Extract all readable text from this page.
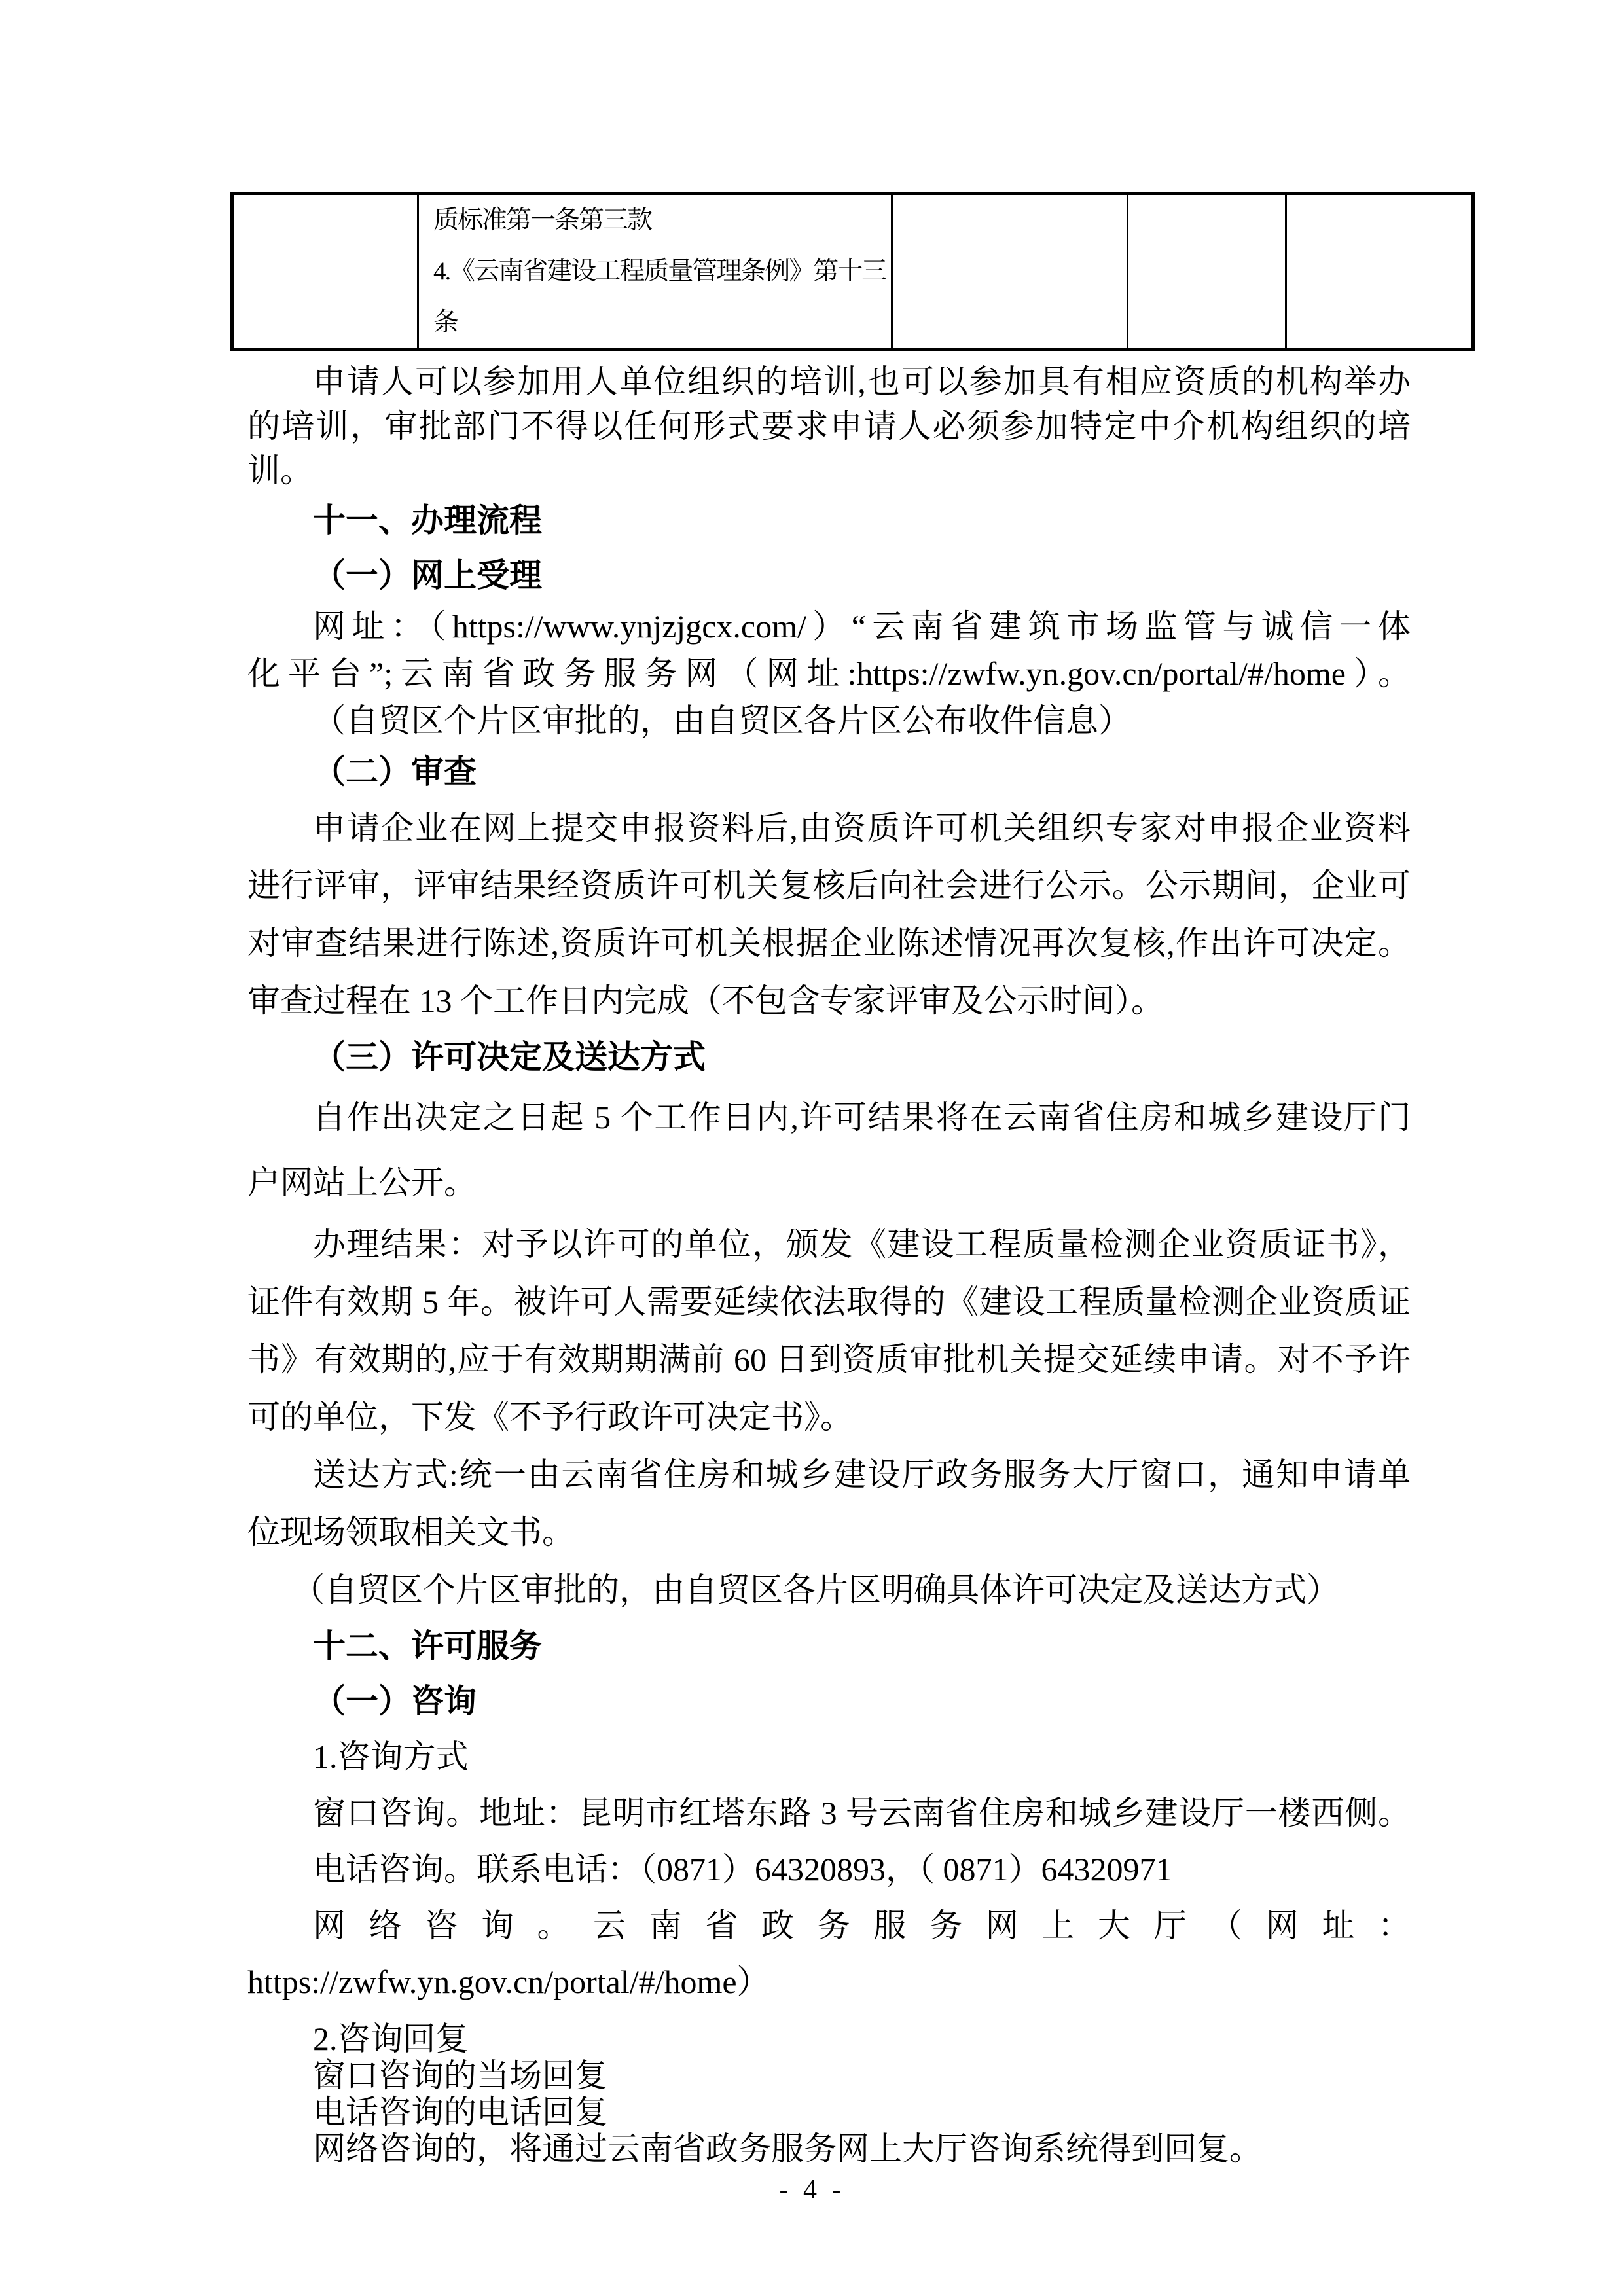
质标准第一条第三款
4.《云南省建设工程质量管理条例》第十三
条

申请人可以参加用人单位组织的培训,也可以参加具有相应资质的机构举办
的培训，审批部门不得以任何形式要求申请人必须参加特定中介机构组织的培
训。
十一、办理流程
（一）网上受理
网址：（https://www.ynjzjgcx.com/）“云南省建筑市场监管与诚信一体
化平台”;云南省政务服务网（网址:https://zwfw.yn.gov.cn/portal/#/home）。
（自贸区个片区审批的，由自贸区各片区公布收件信息）
（二）审查
申请企业在网上提交申报资料后,由资质许可机关组织专家对申报企业资料
进行评审，评审结果经资质许可机关复核后向社会进行公示。公示期间，企业可
对审查结果进行陈述,资质许可机关根据企业陈述情况再次复核,作出许可决定。
审查过程在 13 个工作日内完成（不包含专家评审及公示时间）。
（三）许可决定及送达方式
自作出决定之日起 5 个工作日内,许可结果将在云南省住房和城乡建设厅门
户网站上公开。
办理结果：对予以许可的单位，颁发《建设工程质量检测企业资质证书》，
证件有效期 5 年。被许可人需要延续依法取得的《建设工程质量检测企业资质证
书》有效期的,应于有效期期满前 60 日到资质审批机关提交延续申请。对不予许
可的单位，下发《不予行政许可决定书》。
送达方式:统一由云南省住房和城乡建设厅政务服务大厅窗口，通知申请单
位现场领取相关文书。
（自贸区个片区审批的，由自贸区各片区明确具体许可决定及送达方式）
十二、许可服务
（一）咨询
1.咨询方式
窗口咨询。地址：昆明市红塔东路 3 号云南省住房和城乡建设厅一楼西侧。
电话咨询。联系电话：（0871）64320893，（ 0871）64320971
网络咨询。云南省政务服务网上大厅（网址：
https://zwfw.yn.gov.cn/portal/#/home）
2.咨询回复
窗口咨询的当场回复
电话咨询的电话回复
网络咨询的，将通过云南省政务服务网上大厅咨询系统得到回复。
- 4 -
